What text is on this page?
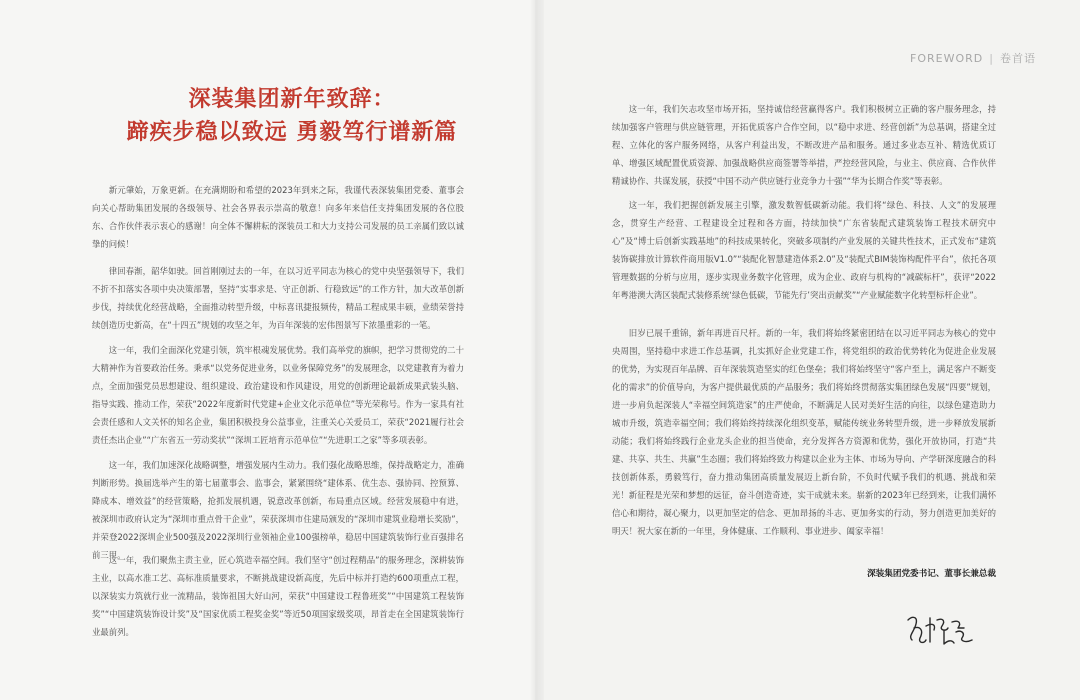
FOREWORD | 卷首语
深装集团新年致辞：
蹄疾步稳以致远 勇毅笃行谱新篇

新元肇始，万象更新。在充满期盼和希望的2023年到来之际，我谨代表深装集团党委、董事会向关心帮助集团发展的各级领导、社会各界表示崇高的敬意！向多年来信任支持集团发展的各位股东、合作伙伴表示衷心的感谢！向全体不懈耕耘的深装员工和大力支持公司发展的员工亲属们致以诚挚的问候！

律回春渐，韶华如驶。回首刚刚过去的一年，在以习近平同志为核心的党中央坚强领导下，我们不折不扣落实各项中央决策部署，坚持“实事求是、守正创新、行稳致远”的工作方针，加大改革创新步伐，持续优化经营战略，全面推动转型升级，中标喜讯捷报频传，精品工程成果丰硕，业绩荣誉持续创造历史新高，在“十四五”规划的攻坚之年，为百年深装的宏伟图景写下浓墨重彩的一笔。

这一年，我们全面深化党建引领，筑牢根魂发展优势。我们高举党的旗帜，把学习贯彻党的二十大精神作为首要政治任务。秉承“以党务促进业务，以业务保障党务”的发展理念，以党建教育为着力点，全面加强党员思想建设、组织建设、政治建设和作风建设，用党的创新理论最新成果武装头脑、指导实践、推动工作，荣获“2022年度新时代党建+企业文化示范单位”等光荣称号。作为一家具有社会责任感和人文关怀的知名企业，集团积极投身公益事业，注重关心关爱员工，荣获“2021履行社会责任杰出企业”“广东省五一劳动奖状”“深圳工匠培育示范单位”“先进职工之家”等多项表彰。

这一年，我们加速深化战略调整，增强发展内生动力。我们强化战略思维，保持战略定力，准确判断形势。换届选举产生的第七届董事会、监事会，紧紧围绕“建体系、优生态、强协同、控预算、降成本、增效益”的经营策略，抢抓发展机遇，锐意改革创新，布局重点区域。经营发展稳中有进，被深圳市政府认定为“深圳市重点骨干企业”，荣获深圳市住建局颁发的“深圳市建筑业稳增长奖励”，并荣登2022深圳企业500强及2022深圳行业领袖企业100强榜单，稳居中国建筑装饰行业百强排名前三甲。

这一年，我们聚焦主责主业，匠心筑造幸福空间。我们坚守“创过程精品”的服务理念，深耕装饰主业，以高水准工艺、高标准质量要求，不断挑战建设新高度，先后中标并打造约600项重点工程，以深装实力筑就行业一流精品，装饰祖国大好山河，荣获“中国建设工程鲁班奖”“中国建筑工程装饰奖”“中国建筑装饰设计奖”及“国家优质工程奖金奖”等近50项国家级奖项，昂首走在全国建筑装饰行业最前列。

这一年，我们矢志攻坚市场开拓，坚持诚信经营赢得客户。我们积极树立正确的客户服务理念，持续加强客户管理与供应链管理，开拓优质客户合作空间，以“稳中求进、经营创新”为总基调，搭建全过程、立体化的客户服务网络，从客户利益出发，不断改进产品和服务。通过多业态互补、精选优质订单、增强区域配置优质资源、加强战略供应商签署等举措，严控经营风险，与业主、供应商、合作伙伴精诚协作、共谋发展，获授“中国不动产供应链行业竞争力十强”“华为长期合作奖”等表彰。

这一年，我们把握创新发展主引擎，激发数智低碳新动能。我们将“绿色、科技、人文”的发展理念，贯穿生产经营、工程建设全过程和各方面，持续加快“广东省装配式建筑装饰工程技术研究中心”及“博士后创新实践基地”的科技成果转化，突破多项制约产业发展的关键共性技术，正式发布“建筑装饰碳排放计算软件商用版V1.0”“装配化智慧建造体系2.0”及“装配式BIM装饰构配件平台”，依托各项管理数据的分析与应用，逐步实现业务数字化管理，成为企业、政府与机构的“减碳标杆”，获评“2022年粤港澳大湾区装配式装修系统‘绿色低碳，节能先行’突出贡献奖”“产业赋能数字化转型标杆企业”。

旧岁已展千重锦，新年再进百尺杆。新的一年，我们将始终紧密团结在以习近平同志为核心的党中央周围，坚持稳中求进工作总基调，扎实抓好企业党建工作，将党组织的政治优势转化为促进企业发展的优势，为实现百年品牌、百年深装筑造坚实的红色堡垒；我们将始终坚守“客户至上，满足客户不断变化的需求”的价值导向，为客户提供最优质的产品服务；我们将始终贯彻落实集团绿色发展“四要”规划，进一步肩负起深装人“幸福空间筑造家”的庄严使命，不断满足人民对美好生活的向往，以绿色建造助力城市升级，筑造幸福空间；我们将始终持续深化组织变革，赋能传统业务转型升级，进一步释放发展新动能；我们将始终践行企业龙头企业的担当使命，充分发挥各方资源和优势，强化开放协同，打造“共建、共享、共生、共赢”生态圈；我们将始终致力构建以企业为主体、市场为导向、产学研深度融合的科技创新体系，勇毅笃行，奋力推动集团高质量发展迈上新台阶，不负时代赋予我们的机遇、挑战和荣光！ 新征程是光荣和梦想的远征，奋斗创造奇迹，实干成就未来。崭新的2023年已经到来，让我们满怀信心和期待，凝心聚力，以更加坚定的信念、更加昂扬的斗志、更加务实的行动，努力创造更加美好的明天！祝大家在新的一年里，身体健康、工作顺利、事业进步、阖家幸福！

深装集团党委书记、董事长兼总裁
